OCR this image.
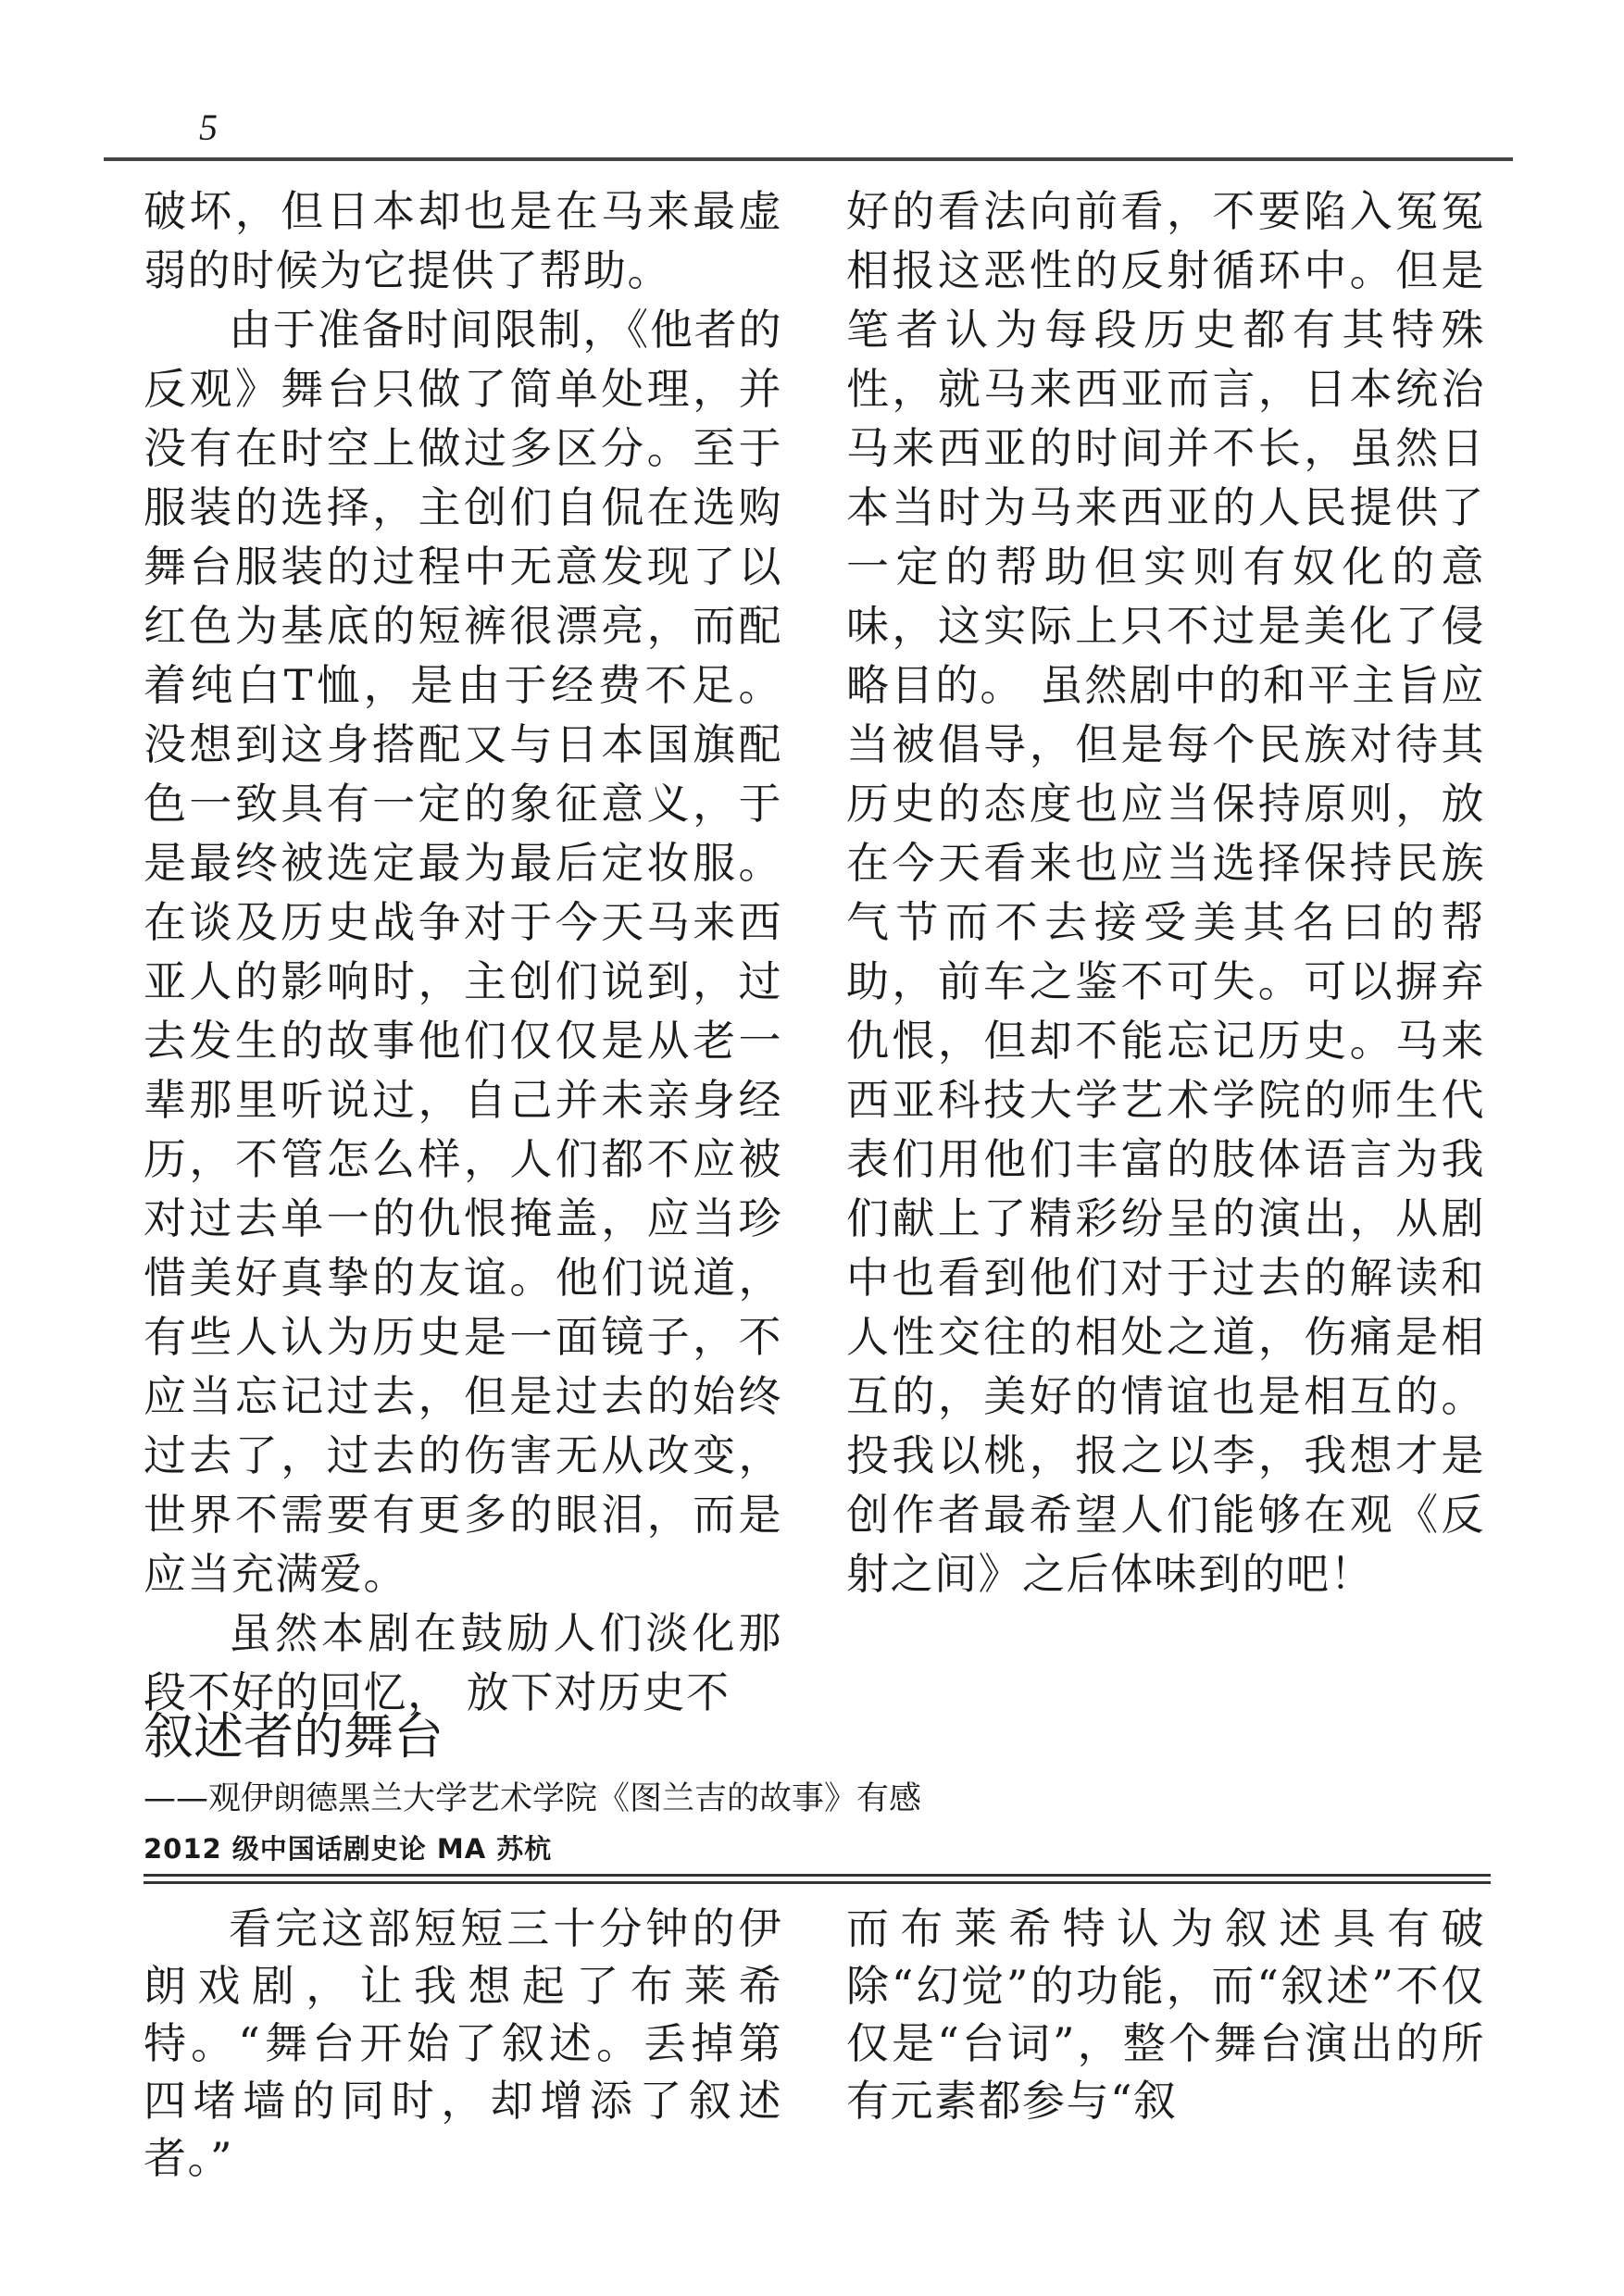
5

破坏，但日本却也是在马来最虚弱的时候为它提供了帮助。

由于准备时间限制，《他者的反观》舞台只做了简单处理，并没有在时空上做过多区分。至于服装的选择，主创们自侃在选购舞台服装的过程中无意发现了以红色为基底的短裤很漂亮，而配着纯白T恤，是由于经费不足。没想到这身搭配又与日本国旗配色一致具有一定的象征意义，于是最终被选定最为最后定妆服。在谈及历史战争对于今天马来西亚人的影响时，主创们说到，过去发生的故事他们仅仅是从老一辈那里听说过，自己并未亲身经历，不管怎么样，人们都不应被对过去单一的仇恨掩盖，应当珍惜美好真挚的友谊。他们说道，有些人认为历史是一面镜子，不应当忘记过去，但是过去的始终过去了，过去的伤害无从改变，世界不需要有更多的眼泪，而是应当充满爱。

虽然本剧在鼓励人们淡化那段不好的回忆， 放下对历史不

好的看法向前看，不要陷入冤冤相报这恶性的反射循环中。但是笔者认为每段历史都有其特殊性，就马来西亚而言，日本统治马来西亚的时间并不长，虽然日本当时为马来西亚的人民提供了一定的帮助但实则有奴化的意味，这实际上只不过是美化了侵略目的。 虽然剧中的和平主旨应当被倡导，但是每个民族对待其历史的态度也应当保持原则，放在今天看来也应当选择保持民族气节而不去接受美其名曰的帮助，前车之鉴不可失。可以摒弃仇恨，但却不能忘记历史。马来西亚科技大学艺术学院的师生代表们用他们丰富的肢体语言为我们献上了精彩纷呈的演出，从剧中也看到他们对于过去的解读和人性交往的相处之道，伤痛是相互的，美好的情谊也是相互的。投我以桃，报之以李，我想才是创作者最希望人们能够在观《反射之间》之后体味到的吧！

叙述者的舞台
——观伊朗德黑兰大学艺术学院《图兰吉的故事》有感
2012 级中国话剧史论 MA 苏杭

看完这部短短三十分钟的伊朗戏剧，让我想起了布莱希特。“舞台开始了叙述。丢掉第四堵墙的同时，却增添了叙述者。”

而布莱希特认为叙述具有破除“幻觉”的功能，而“叙述”不仅仅是“台词”，整个舞台演出的所有元素都参与“叙
